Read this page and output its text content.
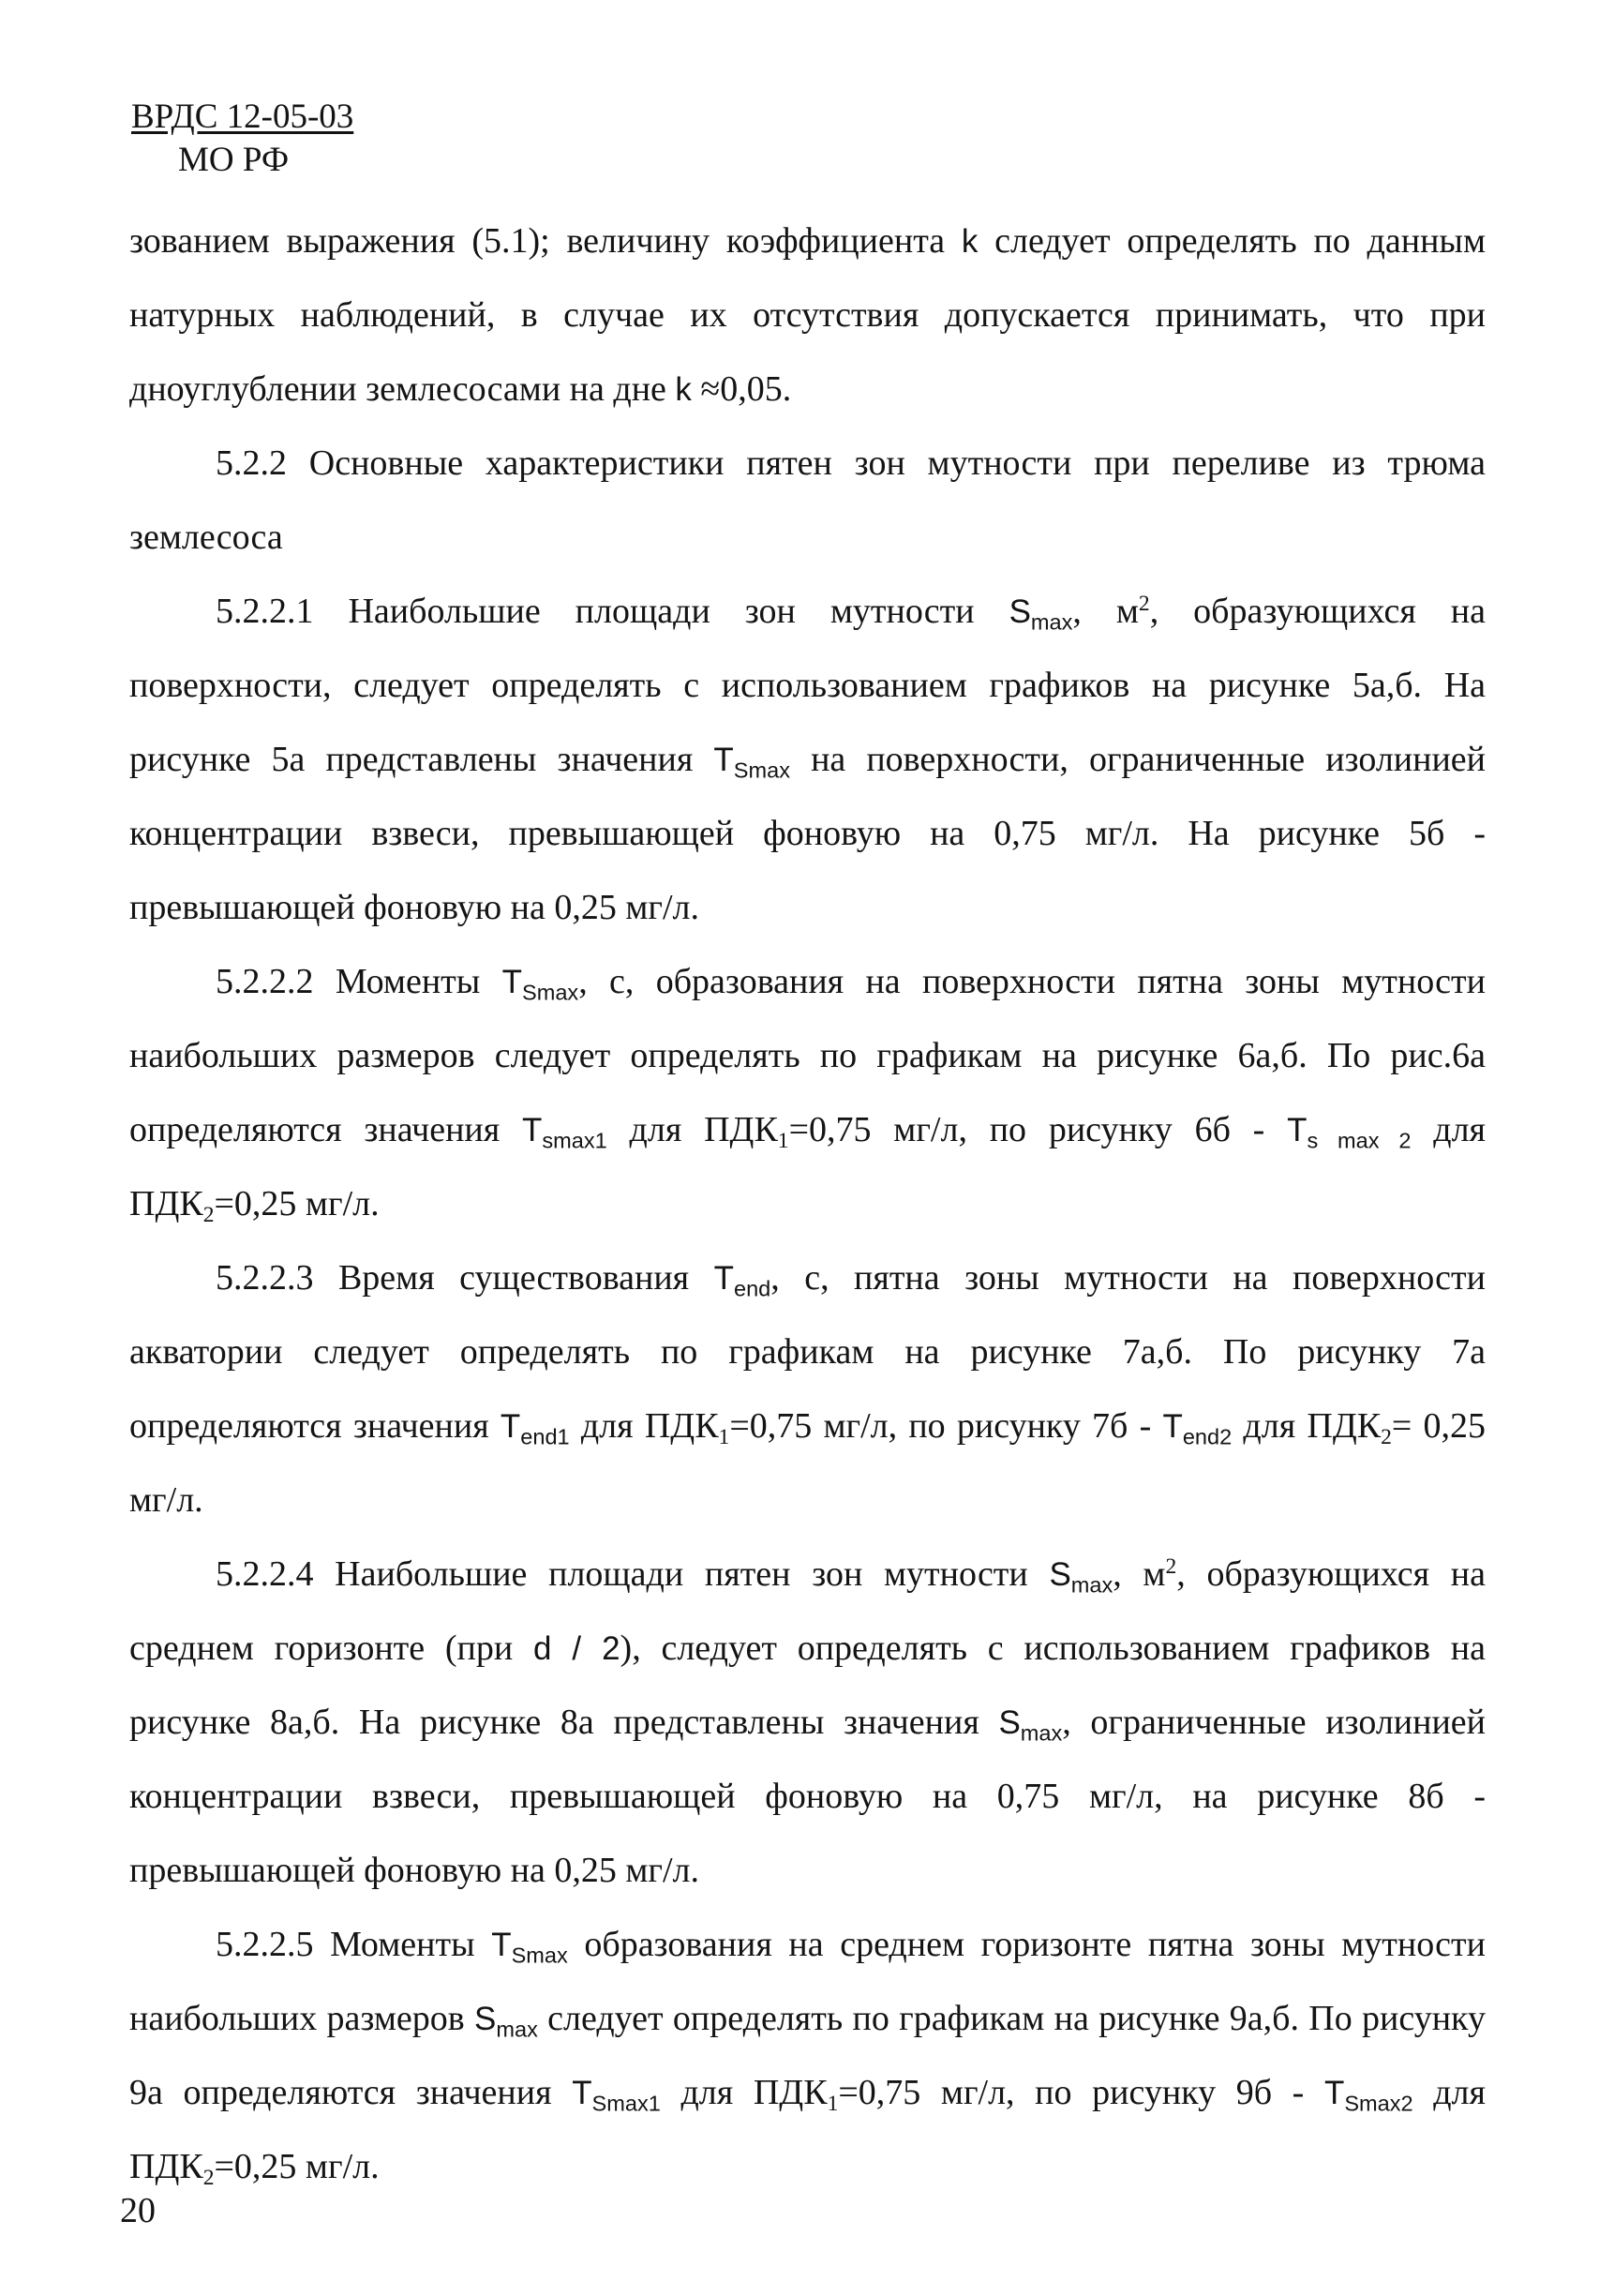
ВРДС 12-05-03
МО РФ

зованием выражения (5.1); величину коэффициента k следует определять по данным натурных наблюдений, в случае их отсутствия допускается принимать, что при дноуглублении землесосами на дне k ≈0,05.

5.2.2 Основные характеристики пятен зон мутности при переливе из трюма землесоса

5.2.2.1 Наибольшие площади зон мутности $S_{max}$, $м^2$, образующихся на поверхности, следует определять с использованием графиков на рисунке 5а,б. На рисунке 5а представлены значения $T_{Smax}$ на поверхности, ограниченные изолинией концентрации взвеси, превышающей фоновую на 0,75 мг/л. На рисунке 5б - превышающей фоновую на 0,25 мг/л.

5.2.2.2 Моменты $T_{Smax}$, с, образования на поверхности пятна зоны мутности наибольших размеров следует определять по графикам на рисунке 6а,б. По рис.6а определяются значения $T_{smax1}$ для ПДК1=0,75 мг/л, по рисунку $6б - T_{s max 2}$ для ПДК2=0,25 мг/л.

5.2.2.3 Время существования $T_{end}$, с, пятна зоны мутности на поверхности акватории следует определять по графикам на рисунке 7а,б. По рисунку 7а определяются значения $T_{end1}$ для ПДК1=0,75 мг/л, по рисунку $7б - T_{end2}$ для ПДК2= 0,25 мг/л.

5.2.2.4 Наибольшие площади пятен зон мутности $S_{max}$, $м^2$, образующихся на среднем горизонте (при d / 2), следует определять с использованием графиков на рисунке 8а,б. На рисунке 8а представлены значения $S_{max}$, ограниченные изолинией концентрации взвеси, превышающей фоновую на 0,75 мг/л, на рисунке 8б - превышающей фоновую на 0,25 мг/л.

5.2.2.5 Моменты $T_{Smax}$ образования на среднем горизонте пятна зоны мутности наибольших размеров $S_{max}$ следует определять по графикам на рисунке 9а,б. По рисунку 9а определяются значения $T_{Smax1}$ для ПДК1=0,75 мг/л, по рисунку $9б - T_{Smax2}$ для ПДК2=0,25 мг/л.

20
